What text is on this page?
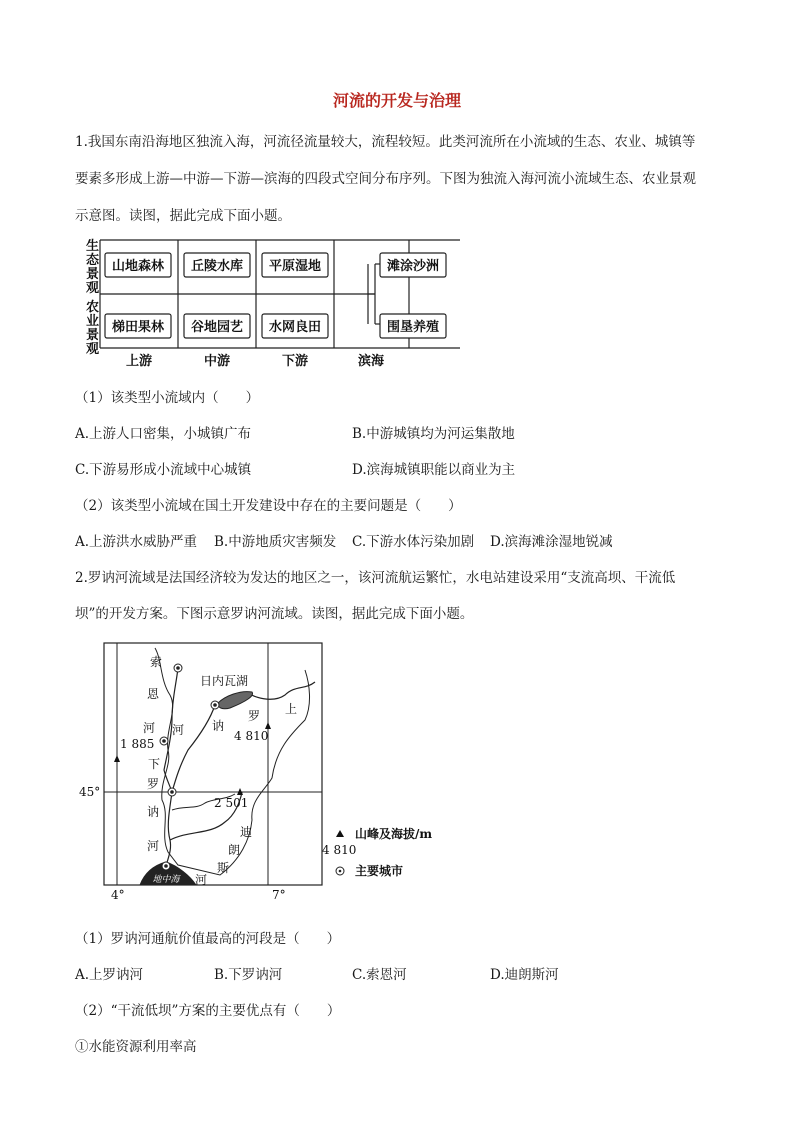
河流的开发与治理
1.我国东南沿海地区独流入海，河流径流量较大，流程较短。此类河流所在小流域的生态、农业、城镇等
要素多形成上游—中游—下游—滨海的四段式空间分布序列。下图为独流入海河流小流域生态、农业景观
示意图。读图，据此完成下面小题。
生
态
景
观
农
业
景
观
山地森林 丘陵水库 平原湿地	滩涂沙洲
梯田果林 谷地园艺 水网良田	围垦养殖
上游	中游	下游	滨海
（1）该类型小流域内（　　）
A.上游人口密集，小城镇广布	B.中游城镇均为河运集散地
C.下游易形成小流域中心城镇	D.滨海城镇职能以商业为主
（2）该类型小流域在国土开发建设中存在的主要问题是（　　）
A.上游洪水威胁严重 B.中游地质灾害频发 C.下游水体污染加剧 D.滨海滩涂湿地锐减
2.罗讷河流域是法国经济较为发达的地区之一，该河流航运繁忙，水电站建设采用“支流高坝、干流低
坝”的开发方案。下图示意罗讷河流域。读图，据此完成下面小题。
地中海
索
恩
河
日内瓦湖
河 讷
罗 上
下
罗
讷
河
迪
朗
斯
河
1 885
4 810
2 501
45°
4°	7°
山峰及海拔/m
4 810
主要城市
（1）罗讷河通航价值最高的河段是（　　）
A.上罗讷河	B.下罗讷河	C.索恩河	D.迪朗斯河
（2）“干流低坝”方案的主要优点有（　　）
①水能资源利用率高
